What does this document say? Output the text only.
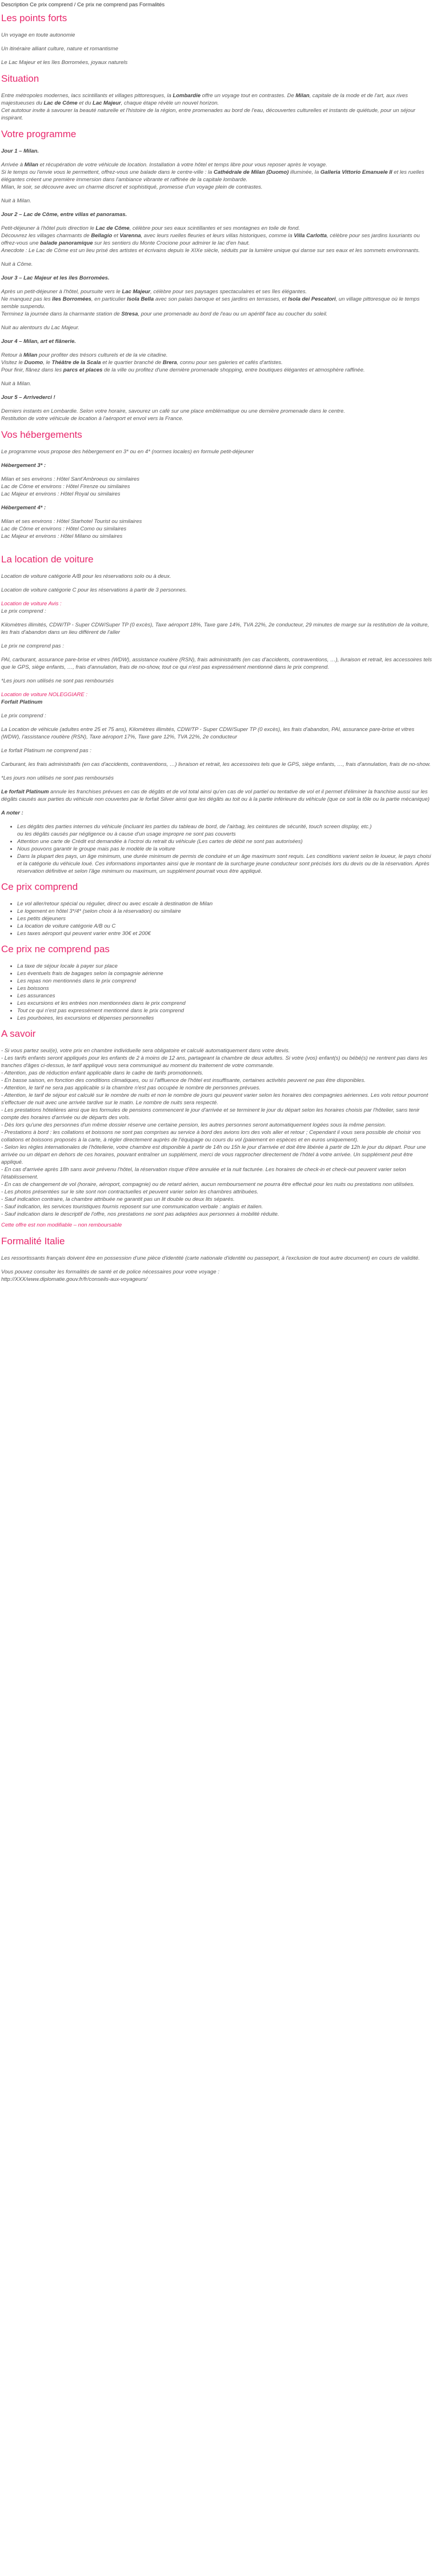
Description Ce prix comprend / Ce prix ne comprend pas Formalités
Les points forts

Un voyage en toute autonomie

Un itinéraire alliant culture, nature et romantisme

Le Lac Majeur et les îles Borromées, joyaux naturels

Situation

Entre métropoles modernes, lacs scintillants et villages pittoresques, la Lombardie offre un voyage tout en contrastes. De Milan, capitale de la mode et de l'art, aux rives majestueuses du Lac de Côme et du Lac Majeur, chaque étape révèle un nouvel horizon.

Cet autotour invite à savourer la beauté naturelle et l'histoire de la région, entre promenades au bord de l'eau, découvertes culturelles et instants de quiétude, pour un séjour inspirant.

Votre programme

Jour 1 – Milan.

Arrivée à Milan et récupération de votre véhicule de location. Installation à votre hôtel et temps libre pour vous reposer après le voyage.

Si le temps ou l'envie vous le permettent, offrez-vous une balade dans le centre-ville : la Cathédrale de Milan (Duomo) illuminée, la Galleria Vittorio Emanuele II et les ruelles élégantes créent une première immersion dans l'ambiance vibrante et raffinée de la capitale lombarde.

Milan, le soir, se découvre avec un charme discret et sophistiqué, promesse d'un voyage plein de contrastes.

Nuit à Milan.

Jour 2 – Lac de Côme, entre villas et panoramas.

Petit-déjeuner à l'hôtel puis direction le Lac de Côme, célèbre pour ses eaux scintillantes et ses montagnes en toile de fond.

Découvrez les villages charmants de Bellagio et Varenna, avec leurs ruelles fleuries et leurs villas historiques, comme la Villa Carlotta, célèbre pour ses jardins luxuriants ou offrez-vous une balade panoramique sur les sentiers du Monte Crocione pour admirer le lac d'en haut.

Anecdote : Le Lac de Côme est un lieu prisé des artistes et écrivains depuis le XIXe siècle, séduits par la lumière unique qui danse sur ses eaux et les sommets environnants.

Nuit à Côme.

Jour 3 – Lac Majeur et les îles Borromées.

Après un petit-déjeuner à l'hôtel, poursuite vers le Lac Majeur, célèbre pour ses paysages spectaculaires et ses îles élégantes.

Ne manquez pas les îles Borromées, en particulier Isola Bella avec son palais baroque et ses jardins en terrasses, et Isola dei Pescatori, un village pittoresque où le temps semble suspendu.

Terminez la journée dans la charmante station de Stresa, pour une promenade au bord de l'eau ou un apéritif face au coucher du soleil.

Nuit au alentours du Lac Majeur.

Jour 4 – Milan, art et flânerie.

Retour à Milan pour profiter des trésors culturels et de la vie citadine.

Visitez le Duomo, le Théâtre de la Scala et le quartier branché de Brera, connu pour ses galeries et cafés d'artistes.

Pour finir, flânez dans les parcs et places de la ville ou profitez d'une dernière promenade shopping, entre boutiques élégantes et atmosphère raffinée.

Nuit à Milan.

Jour 5 – Arrivederci !

Derniers instants en Lombardie. Selon votre horaire, savourez un café sur une place emblématique ou une dernière promenade dans le centre.

Restitution de votre véhicule de location à l'aéroport et envol vers la France.

Vos hébergements

Le programme vous propose des hébergement en 3* ou en 4* (normes locales) en formule petit-déjeuner

Hébergement 3* :

Milan et ses environs : Hôtel Sant'Ambroeus ou similaires

Lac de Côme et environs : Hôtel Firenze ou similaires

Lac Majeur et environs : Hôtel Royal ou similaires

Hébergement 4* :

Milan et ses environs : Hôtel Starhotel Tourist ou similaires

Lac de Côme et environs : Hôtel Como ou similaires

Lac Majeur et environs : Hôtel Milano ou similaires

La location de voiture

Location de voiture catégorie A/B pour les réservations solo ou à deux.

Location de voiture catégorie C pour les réservations à partir de 3 personnes.

Location de voiture Avis :

Le prix comprend :

Kilomètres illimités, CDW/TP - Super CDW/Super TP (0 excès), Taxe aéroport 18%, Taxe gare 14%, TVA 22%, 2e conducteur, 29 minutes de marge sur la restitution de la voiture, les frais d'abandon dans un lieu différent de l'aller

Le prix ne comprend pas :

PAI, carburant, assurance pare-brise et vitres (WDW), assistance routière (RSN), frais administratifs (en cas d'accidents, contraventions, …), livraison et retrait, les accessoires tels que le GPS, siège enfants, …, frais d'annulation, frais de no-show, tout ce qui n'est pas expressément mentionné dans le prix comprend.

*Les jours non utilisés ne sont pas remboursés

Location de voiture NOLEGGIARE :

Forfait Platinum

Le prix comprend :

La Location de véhicule (adultes entre 25 et 75 ans), Kilomètres illimités, CDW/TP - Super CDW/Super TP (0 excès), les frais d'abandon, PAI, assurance pare-brise et vitres (WDW), l'assistance routière (RSN), Taxe aéroport 17%, Taxe gare 12%, TVA 22%, 2e conducteur

Le forfait Platinum ne comprend pas :

Carburant, les frais administratifs (en cas d'accidents, contraventions, …) livraison et retrait, les accessoires tels que le GPS, siège enfants, …, frais d'annulation, frais de no-show.

*Les jours non utilisés ne sont pas remboursés

Le forfait Platinum annule les franchises prévues en cas de dégâts et de vol total ainsi qu'en cas de vol partiel ou tentative de vol et il permet d'éliminer la franchise aussi sur les dégâts causés aux parties du véhicule non couvertes par le forfait Silver ainsi que les dégâts au toit ou à la partie inférieure du véhicule (que ce soit la tôle ou la partie mécanique)

A noter :

• Les dégâts des parties internes du véhicule (incluant les parties du tableau de bord, de l'airbag, les ceintures de sécurité, touch screen display, etc.)
ou les dégâts causés par négligence ou à cause d'un usage impropre ne sont pas couverts
• Attention une carte de Crédit est demandée à l'octroi du retrait du véhicule (Les cartes de débit ne sont pas autorisées)
• Nous pouvons garantir le groupe mais pas le modèle de la voiture
• Dans la plupart des pays, un âge minimum, une durée minimum de permis de conduire et un âge maximum sont requis. Les conditions varient selon le loueur, le pays choisi et la catégorie du véhicule loué. Ces informations importantes ainsi que le montant de la surcharge jeune conducteur sont précisés lors du devis ou de la réservation. Après réservation définitive et selon l'âge minimum ou maximum, un supplément pourrait vous être appliqué.
Ce prix comprend
• Le vol aller/retour spécial ou régulier, direct ou avec escale à destination de Milan
• Le logement en hôtel 3*/4* (selon choix à la réservation) ou similaire
• Les petits déjeuners
• La location de voiture catégorie A/B ou C
• Les taxes aéroport qui peuvent varier entre 30€ et 200€
Ce prix ne comprend pas
• La taxe de séjour locale à payer sur place
• Les éventuels frais de bagages selon la compagnie aérienne
• Les repas non mentionnés dans le prix comprend
• Les boissons
• Les assurances
• Les excursions et les entrées non mentionnées dans le prix comprend
• Tout ce qui n'est pas expressément mentionné dans le prix comprend
• Les pourboires, les excursions et dépenses personnelles
A savoir

- Si vous partez seul(e), votre prix en chambre individuelle sera obligatoire et calculé automatiquement dans votre devis.

- Les tarifs enfants seront appliqués pour les enfants de 2 à moins de 12 ans, partageant la chambre de deux adultes. Si votre (vos) enfant(s) ou bébé(s) ne rentrent pas dans les tranches d'âges ci-dessus, le tarif appliqué vous sera communiqué au moment du traitement de votre commande.

- Attention, pas de réduction enfant applicable dans le cadre de tarifs promotionnels.

- En basse saison, en fonction des conditions climatiques, ou si l'affluence de l'hôtel est insuffisante, certaines activités peuvent ne pas être disponibles.

- Attention, le tarif ne sera pas applicable si la chambre n'est pas occupée le nombre de personnes prévues.

- Attention, le tarif de séjour est calculé sur le nombre de nuits et non le nombre de jours qui peuvent varier selon les horaires des compagnies aériennes. Les vols retour pourront s'effectuer de nuit avec une arrivée tardive sur le matin. Le nombre de nuits sera respecté.

- Les prestations hôtelières ainsi que les formules de pensions commencent le jour d'arrivée et se terminent le jour du départ selon les horaires choisis par l'hôtelier, sans tenir compte des horaires d'arrivée ou de départs des vols.

- Dès lors qu'une des personnes d'un même dossier réserve une certaine pension, les autres personnes seront automatiquement logées sous la même pension.

- Prestations à bord : les collations et boissons ne sont pas comprises au service à bord des avions lors des vols aller et retour ; Cependant il vous sera possible de choisir vos collations et boissons proposés à la carte, à régler directement auprès de l'équipage ou cours du vol (paiement en espèces et en euros uniquement).

- Selon les règles internationales de l'hôtellerie, votre chambre est disponible à partir de 14h ou 15h le jour d'arrivée et doit être libérée à partir de 12h le jour du départ. Pour une arrivée ou un départ en dehors de ces horaires, pouvant entraîner un supplément, merci de vous rapprocher directement de l'hôtel à votre arrivée. Un supplément peut être appliqué.

- En cas d'arrivée après 18h sans avoir prévenu l'hôtel, la réservation risque d'être annulée et la nuit facturée. Les horaires de check-in et check-out peuvent varier selon l'établissement.

- En cas de changement de vol (horaire, aéroport, compagnie) ou de retard aérien, aucun remboursement ne pourra être effectué pour les nuits ou prestations non utilisées.

- Les photos présentées sur le site sont non contractuelles et peuvent varier selon les chambres attribuées.

- Sauf indication contraire, la chambre attribuée ne garantit pas un lit double ou deux lits séparés.

- Sauf indication, les services touristiques fournis reposent sur une communication verbale : anglais et italien.

- Sauf indication dans le descriptif de l'offre, nos prestations ne sont pas adaptées aux personnes à mobilité réduite.

Cette offre est non modifiable – non remboursable

Formalité Italie

Les ressortissants français doivent être en possession d'une pièce d'identité (carte nationale d'identité ou passeport, à l'exclusion de tout autre document) en cours de validité.

Vous pouvez consulter les formalités de santé et de police nécessaires pour votre voyage :

http://XXX/www.diplomatie.gouv.fr/fr/conseils-aux-voyageurs/
